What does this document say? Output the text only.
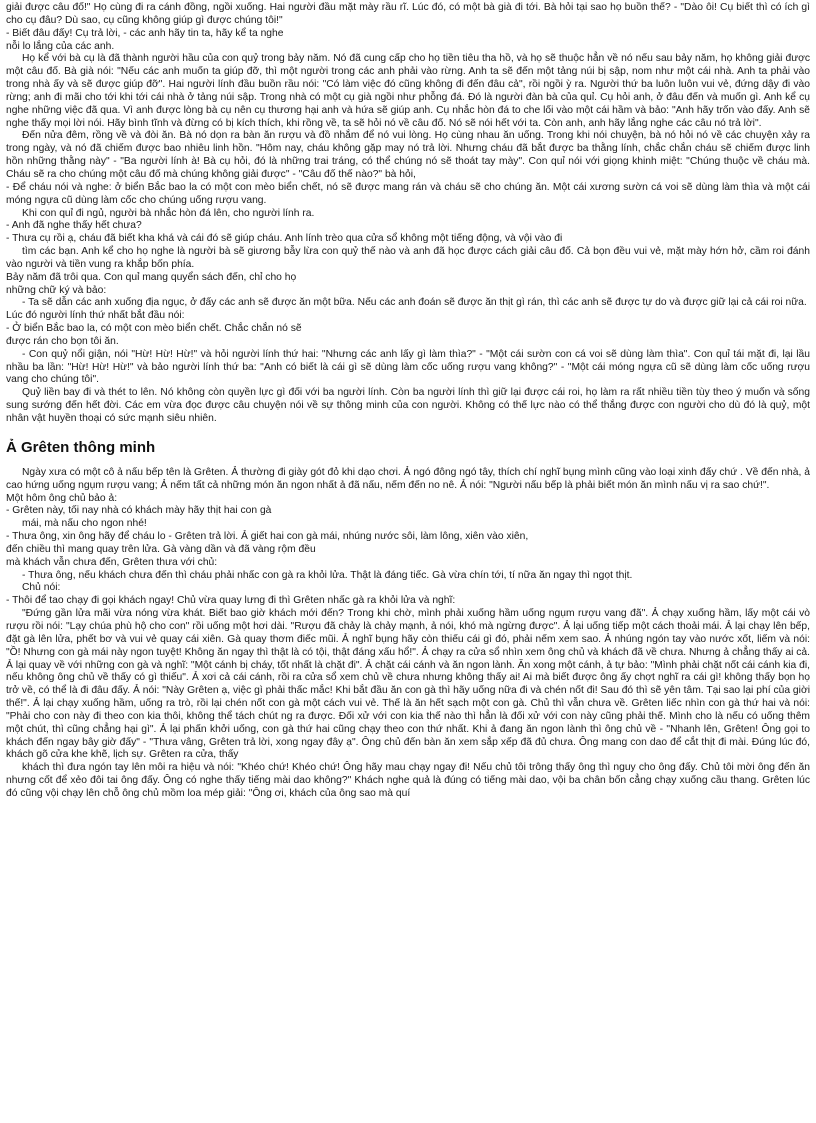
giải được câu đố!" Họ cùng đi ra cánh đồng, ngồi xuống. Hai người đầu mặt mày rầu rĩ. Lúc đó, có một bà già đi tới. Bà hỏi tại sao họ buồn thế? - "Dào ôi! Cụ biết thì có ích gì cho cụ đâu? Dù sao, cụ cũng không giúp gì được chúng tôi!"

- Biết đâu đấy! Cụ trả lời, - các anh hãy tin ta, hãy kể ta nghe

nỗi lo lắng của các anh.

Họ kể với bà cụ là đã thành người hầu của con quỷ trong bảy năm. Nó đã cung cấp cho họ tiền tiêu tha hồ, và họ sẽ thuộc hẳn về nó nếu sau bảy năm, họ không giải được một câu đố. Bà già nói: "Nếu các anh muốn ta giúp đỡ, thì một người trong các anh phải vào rừng. Anh ta sẽ đến một tảng núi bị sập, nom như một cái nhà. Anh ta phải vào trong nhà ấy và sẽ được giúp đỡ". Hai người lính đầu buồn rầu nói: "Có làm việc đó cũng không đi đến đâu cả", rồi ngồi ỳ ra. Người thứ ba luôn luôn vui vẻ, đứng dậy đi vào rừng; anh đi mãi cho tới khi tới cái nhà ở tảng núi sập. Trong nhà có một cụ già ngồi như phỗng đá. Đó là người đàn bà của quỉ. Cụ hỏi anh, ở đâu đến và muốn gì. Anh kể cụ nghe những việc đã qua. Vì anh được lòng bà cụ nên cụ thương hại anh và hứa sẽ giúp anh. Cụ nhắc hòn đá to che lối vào một cái hầm và bảo: "Anh hãy trốn vào đấy. Anh sẽ nghe thấy mọi lời nói. Hãy bình tĩnh và đừng có bị kích thích, khi rồng về, ta sẽ hỏi nó về câu đố. Nó sẽ nói hết với ta. Còn anh, anh hãy lắng nghe các câu nó trả lời".

Đến nửa đêm, rồng về và đòi ăn. Bà nó dọn ra bàn ăn rượu và đồ nhắm để nó vui lòng. Họ cùng nhau ăn uống. Trong khi nói chuyện, bà nó hỏi nó về các chuyện xảy ra trong ngày, và nó đã chiếm được bao nhiêu linh hồn. "Hôm nay, cháu không gặp may nó trả lời. Nhưng cháu đã bắt được ba thằng lính, chắc chắn cháu sẽ chiếm được linh hồn những thằng này" - "Ba người lính à! Bà cụ hỏi, đó là những trai tráng, có thể chúng nó sẽ thoát tay mày". Con quỉ nói với giọng khinh miệt: "Chúng thuộc về cháu mà. Cháu sẽ ra cho chúng một câu đố mà chúng không giải được" - "Câu đố thế nào?" bà hỏi,

- Để cháu nói và nghe: ở biển Bắc bao la có một con mèo biển chết, nó sẽ được mang rán và cháu sẽ cho chúng ăn. Một cái xương sườn cá voi sẽ dùng làm thìa và một cái móng ngựa cũ dùng làm cốc cho chúng uống rượu vang.

Khi con quỉ đi ngủ, người bà nhắc hòn đá lên, cho người lính ra.

- Anh đã nghe thấy hết chưa?

- Thưa cụ rồi ạ, cháu đã biết kha khá và cái đó sẽ giúp cháu. Anh lính trèo qua cửa sổ không một tiếng động, và vội vào đi

tìm các bạn. Anh kể cho họ nghe là người bà sẽ giương bẫy lừa con quỷ thế nào và anh đã học được cách giải câu đố. Cả bọn đều vui vẻ, mặt mày hớn hở, cầm roi đánh vào người và tiền vung ra khắp bốn phía.

Bảy năm đã trôi qua. Con quỉ mang quyển sách đến, chỉ cho họ

những chữ ký và bảo:

- Ta sẽ dẫn các anh xuống địa ngục, ở đấy các anh sẽ được ăn một bữa. Nếu các anh đoán sẽ được ăn thịt gì rán, thì các anh sẽ được tự do và được giữ lại cả cái roi nữa.

Lúc đó người lính thứ nhất bắt đầu nói:

- Ở biển Bắc bao la, có một con mèo biển chết. Chắc chắn nó sẽ

được rán cho bọn tôi ăn.

- Con quỷ nổi giận, nói "Hừ! Hừ! Hừ!" và hỏi người lính thứ hai: "Nhưng các anh lấy gì làm thìa?" - "Một cái sườn con cá voi sẽ dùng làm thìa". Con quỉ tái mặt đi, lại lầu nhầu ba lần: "Hừ! Hừ! Hừ!" và bảo người lính thứ ba: "Anh có biết là cái gì sẽ dùng làm cốc uống rượu vang không?" - "Một cái móng ngựa cũ sẽ dùng làm cốc uống rượu vang cho chúng tôi".

Quỷ liền bay đi và thét to lên. Nó không còn quyền lực gì đối với ba người lính. Còn ba người lính thì giữ lại được cái roi, họ làm ra rất nhiều tiền tùy theo ý muốn và sống sung sướng đến hết đời. Các em vừa đọc được câu chuyện nói về sự thông minh của con người. Không có thế lực nào có thể thắng được con người cho dù đó là quỷ, một nhân vật huyền thoại có sức mạnh siêu nhiên.

Ả Grêten thông minh

Ngày xưa có một cô ả nấu bếp tên là Grêten. Ả thường đi giày gót đỏ khi dạo chơi. Ả ngó đông ngó tây, thích chí nghĩ bụng mình cũng vào loại xinh đấy chứ . Về đến nhà, ả cao hứng uống ngụm rượu vang; Ả nếm tất cả những món ăn ngon nhất ả đã nấu, nếm đến no nê. Ả nói: "Người nấu bếp là phải biết món ăn mình nấu vị ra sao chứ!".

Một hôm ông chủ bảo ả:

- Grêten này, tối nay nhà có khách mày hãy thịt hai con gà

mái, mà nấu cho ngon nhé!

- Thưa ông, xin ông hãy để cháu lo - Grêten trả lời. Ả giết hai con gà mái, nhúng nước sôi, làm lông, xiên vào xiên,

đến chiều thì mang quay trên lửa. Gà vàng dần và đã vàng rộm đều

mà khách vẫn chưa đến, Grêten thưa với chủ:

- Thưa ông, nếu khách chưa đến thì cháu phải nhấc con gà ra khỏi lửa. Thật là đáng tiếc. Gà vừa chín tới, tí nữa ăn ngay thì ngọt thịt.

Chủ nói:

- Thôi để tao chạy đi gọi khách ngay! Chủ vừa quay lưng đi thì Grêten nhấc gà ra khỏi lửa và nghĩ:

"Đứng gần lửa mãi vừa nóng vừa khát. Biết bao giờ khách mới đến? Trong khi chờ, mình phải xuống hầm uống ngụm rượu vang đã". Ả chạy xuống hầm, lấy một cái vò rượu rồi nói: "Lạy chúa phù hộ cho con" rồi uống một hơi dài. "Rượu đã chảy là chảy mạnh, ả nói, khó mà ngừng được". Ả lại uống tiếp một cách thoải mái. Ả lại chạy lên bếp, đặt gà lên lửa, phết bơ và vui vẻ quay cái xiên. Gà quay thơm điếc mũi. Ả nghĩ bụng hãy còn thiếu cái gì đó, phải nếm xem sao. Ả nhúng ngón tay vào nước xốt, liếm và nói: "Ồ! Nhưng con gà mái này ngon tuyệt! Không ăn ngay thì thật là có tội, thật đáng xấu hổ!". Ả chạy ra cửa sổ nhìn xem ông chủ và khách đã về chưa. Nhưng ả chẳng thấy ai cả. Ả lại quay về với những con gà và nghĩ: "Một cánh bị cháy, tốt nhất là chặt đi". Ả chặt cái cánh và ăn ngon lành. Ăn xong một cánh, ả tự bảo: "Mình phải chặt nốt cái cánh kia đi, nếu không ông chủ về thấy có gì thiếu". Ả xơi cả cái cánh, rồi ra cửa sổ xem chủ về chưa nhưng không thấy ai! Ai mà biết được ông ấy chợt nghĩ ra cái gì! không thấy bọn họ trở về, có thể là đi đâu đấy. Ả nói: "Này Grêten ạ, việc gì phải thấc mắc! Khi bắt đầu ăn con gà thì hãy uống nữa đi và chén nốt đi! Sau đó thì sẽ yên tâm. Tại sao lại phí của giời thế!". Ả lại chạy xuống hầm, uống ra trò, rồi lại chén nốt con gà một cách vui vẻ. Thế là ăn hết sạch một con gà. Chủ thì vẫn chưa về. Grêten liếc nhìn con gà thứ hai và nói: "Phải cho con này đi theo con kia thôi, không thể tách chút ng ra được. Đối xử với con kia thế nào thì hẳn là đối xử với con này cũng phải thế. Mình cho là nếu có uống thêm một chút, thì cũng chẳng hại gì". Ả lại phấn khởi uống, con gà thứ hai cũng chạy theo con thứ nhất. Khi ả đang ăn ngon lành thì ông chủ về - "Nhanh lên, Grêten! Ông gọi to khách đến ngay bây giờ đấy" - "Thưa vâng, Grêten trả lời, xong ngay đây ạ". Ông chủ đến bàn ăn xem sắp xếp đã đủ chưa. Ông mang con dao để cắt thịt đi mài. Đúng lúc đó, khách gõ cửa khe khẽ, lịch sự. Grêten ra cửa, thấy

khách thì đưa ngón tay lên môi ra hiệu và nói: "Khéo chứ! Khéo chứ! Ông hãy mau chạy ngay đi! Nếu chủ tôi trông thấy ông thì nguy cho ông đấy. Chủ tôi mời ông đến ăn nhưng cốt để xẻo đôi tai ông đấy. Ông có nghe thấy tiếng mài dao không?" Khách nghe quả là đúng có tiếng mài dao, vội ba chân bốn cẳng chạy xuống cầu thang. Grêten lúc đó cũng vội chạy lên chỗ ông chủ mồm loa mép giải: "Ông ơi, khách của ông sao mà quí
